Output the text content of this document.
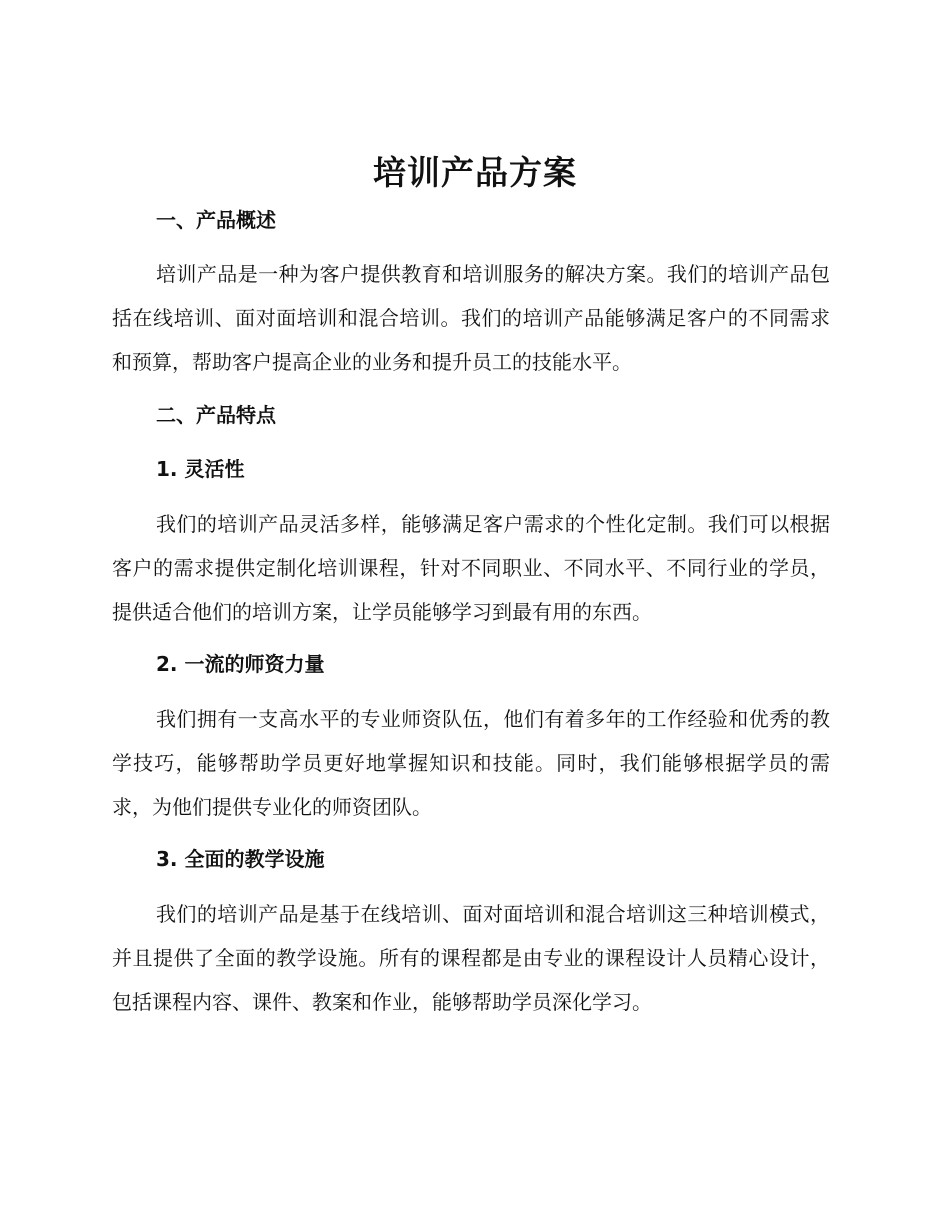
培训产品方案
一、产品概述

培训产品是一种为客户提供教育和培训服务的解决方案。我们的培训产品包括在线培训、面对面培训和混合培训。我们的培训产品能够满足客户的不同需求和预算，帮助客户提高企业的业务和提升员工的技能水平。

二、产品特点
1. 灵活性

我们的培训产品灵活多样，能够满足客户需求的个性化定制。我们可以根据客户的需求提供定制化培训课程，针对不同职业、不同水平、不同行业的学员，提供适合他们的培训方案，让学员能够学习到最有用的东西。

2. 一流的师资力量

我们拥有一支高水平的专业师资队伍，他们有着多年的工作经验和优秀的教学技巧，能够帮助学员更好地掌握知识和技能。同时，我们能够根据学员的需求，为他们提供专业化的师资团队。

3. 全面的教学设施

我们的培训产品是基于在线培训、面对面培训和混合培训这三种培训模式，并且提供了全面的教学设施。所有的课程都是由专业的课程设计人员精心设计，包括课程内容、课件、教案和作业，能够帮助学员深化学习。
